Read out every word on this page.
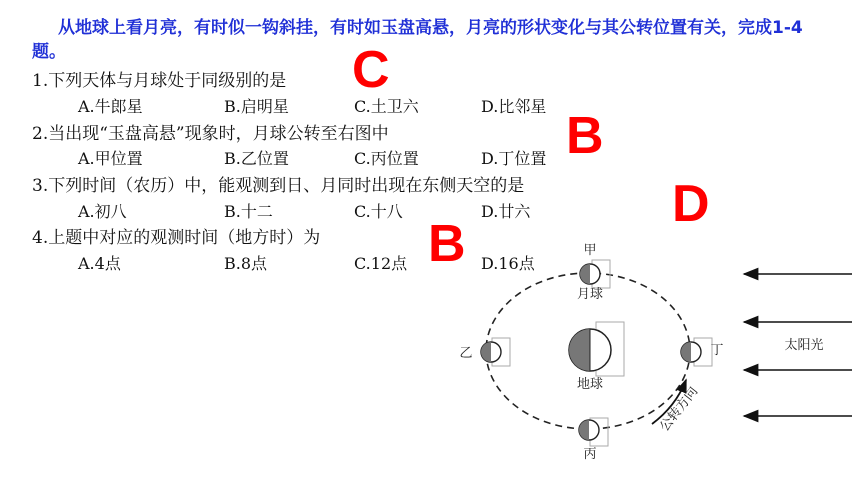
从地球上看月亮，有时似一钩斜挂，有时如玉盘高悬，月亮的形状变化与其公转位置有关，完成1-4题。
1.下列天体与月球处于同级别的是
A.牛郎星	B.启明星	C.土卫六	D.比邻星
2.当出现“玉盘高悬”现象时，月球公转至右图中
A.甲位置	B.乙位置	C.丙位置	D.丁位置
3.下列时间（农历）中，能观测到日、月同时出现在东侧天空的是
A.初八	B.十二	C.十八	D.廿六
4.上题中对应的观测时间（地方时）为
A.4点	B.8点	C.12点	D.16点
C
B
D
B
地球
甲
月球
乙	丁
丙
公转方向
太阳光
